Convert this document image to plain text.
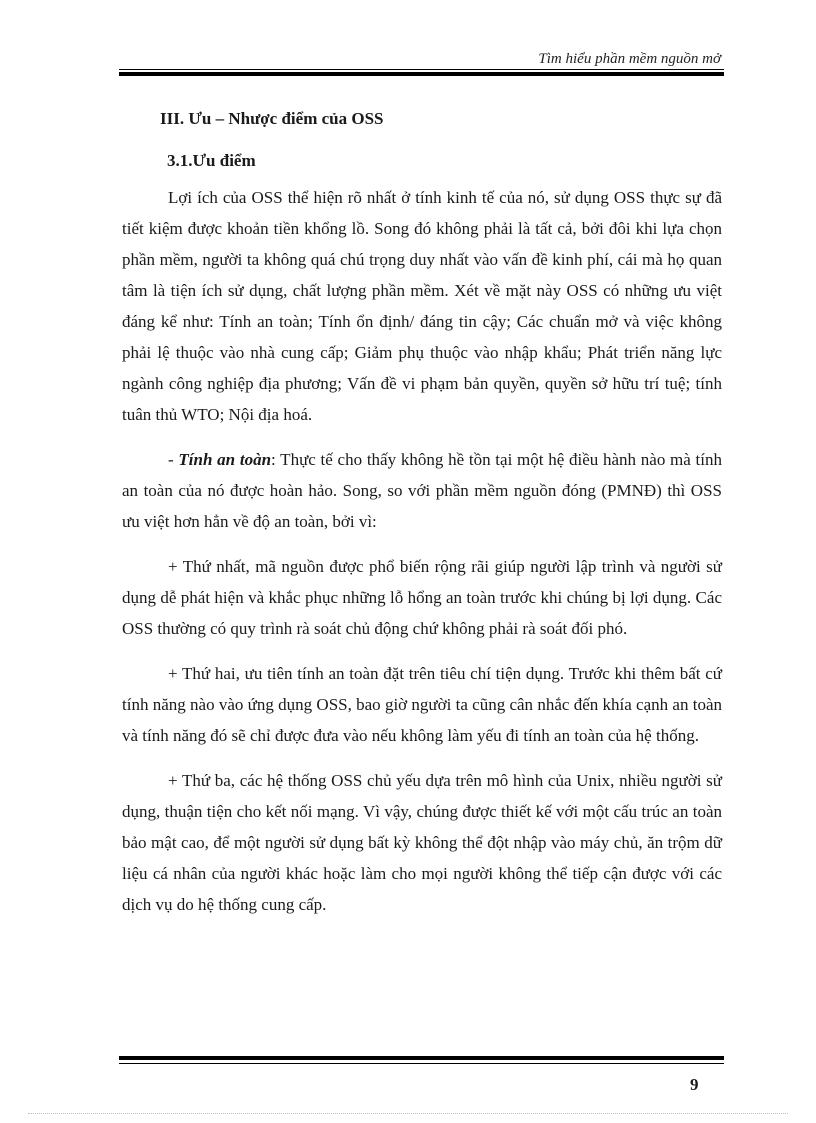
Tìm hiểu phần mềm nguồn mở

III. Ưu – Nhược điểm của OSS

3.1.Ưu điểm

Lợi ích của OSS thể hiện rõ nhất ở tính kinh tế của nó, sử dụng OSS thực sự đã tiết kiệm được khoản tiền khổng lồ. Song đó không phải là tất cả, bởi đôi khi lựa chọn phần mềm, người ta không quá chú trọng duy nhất vào vấn đề kinh phí, cái mà họ quan tâm là tiện ích sử dụng, chất lượng phần mềm. Xét về mặt này OSS có những ưu việt đáng kể như: Tính an toàn; Tính ổn định/ đáng tin cậy; Các chuẩn mở và việc không phải lệ thuộc vào nhà cung cấp; Giảm phụ thuộc vào nhập khẩu; Phát triển năng lực ngành công nghiệp địa phương; Vấn đề vi phạm bản quyền, quyền sở hữu trí tuệ; tính tuân thủ WTO; Nội địa hoá.

- Tính an toàn: Thực tế cho thấy không hề tồn tại một hệ điều hành nào mà tính an toàn của nó được hoàn hảo. Song, so với phần mềm nguồn đóng (PMNĐ) thì OSS ưu việt hơn hẳn về độ an toàn, bởi vì:

+ Thứ nhất, mã nguồn được phổ biến rộng rãi giúp người lập trình và người sử dụng dễ phát hiện và khắc phục những lỗ hổng an toàn trước khi chúng bị lợi dụng. Các OSS thường có quy trình rà soát chủ động chứ không phải rà soát đối phó.

+ Thứ hai, ưu tiên tính an toàn đặt trên tiêu chí tiện dụng. Trước khi thêm bất cứ tính năng nào vào ứng dụng OSS, bao giờ người ta cũng cân nhắc đến khía cạnh an toàn và tính năng đó sẽ chỉ được đưa vào nếu không làm yếu đi tính an toàn của hệ thống.

+ Thứ ba, các hệ thống OSS chủ yếu dựa trên mô hình của Unix, nhiều người sử dụng, thuận tiện cho kết nối mạng. Vì vậy, chúng được thiết kế với một cấu trúc an toàn bảo mật cao, để một người sử dụng bất kỳ không thể đột nhập vào máy chủ, ăn trộm dữ liệu cá nhân của người khác hoặc làm cho mọi người không thể tiếp cận được với các dịch vụ do hệ thống cung cấp.

9
